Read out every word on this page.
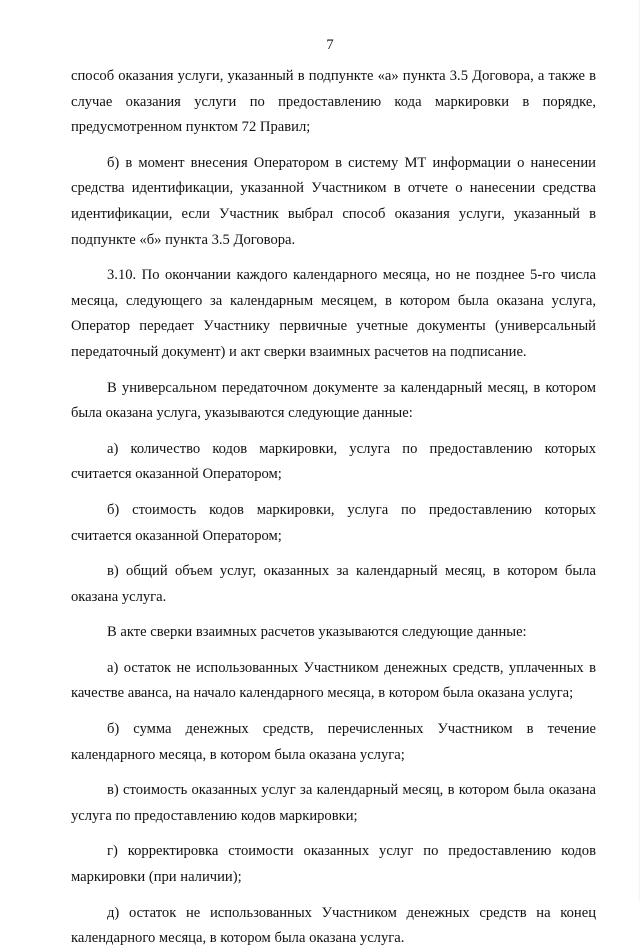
7

способ оказания услуги, указанный в подпункте «а» пункта 3.5 Договора, а также в случае оказания услуги по предоставлению кода маркировки в порядке, предусмотренном пунктом 72 Правил;

б) в момент внесения Оператором в систему МТ информации о нанесении средства идентификации, указанной Участником в отчете о нанесении средства идентификации, если Участник выбрал способ оказания услуги, указанный в подпункте «б» пункта 3.5 Договора.

3.10. По окончании каждого календарного месяца, но не позднее 5-го числа месяца, следующего за календарным месяцем, в котором была оказана услуга, Оператор передает Участнику первичные учетные документы (универсальный передаточный документ) и акт сверки взаимных расчетов на подписание.

В универсальном передаточном документе за календарный месяц, в котором была оказана услуга, указываются следующие данные:

а) количество кодов маркировки, услуга по предоставлению которых считается оказанной Оператором;

б) стоимость кодов маркировки, услуга по предоставлению которых считается оказанной Оператором;

в) общий объем услуг, оказанных за календарный месяц, в котором была оказана услуга.

В акте сверки взаимных расчетов указываются следующие данные:

а) остаток не использованных Участником денежных средств, уплаченных в качестве аванса, на начало календарного месяца, в котором была оказана услуга;

б) сумма денежных средств, перечисленных Участником в течение календарного месяца, в котором была оказана услуга;

в) стоимость оказанных услуг за календарный месяц, в котором была оказана услуга по предоставлению кодов маркировки;

г) корректировка стоимости оказанных услуг по предоставлению кодов маркировки (при наличии);

д) остаток не использованных Участником денежных средств на конец календарного месяца, в котором была оказана услуга.
